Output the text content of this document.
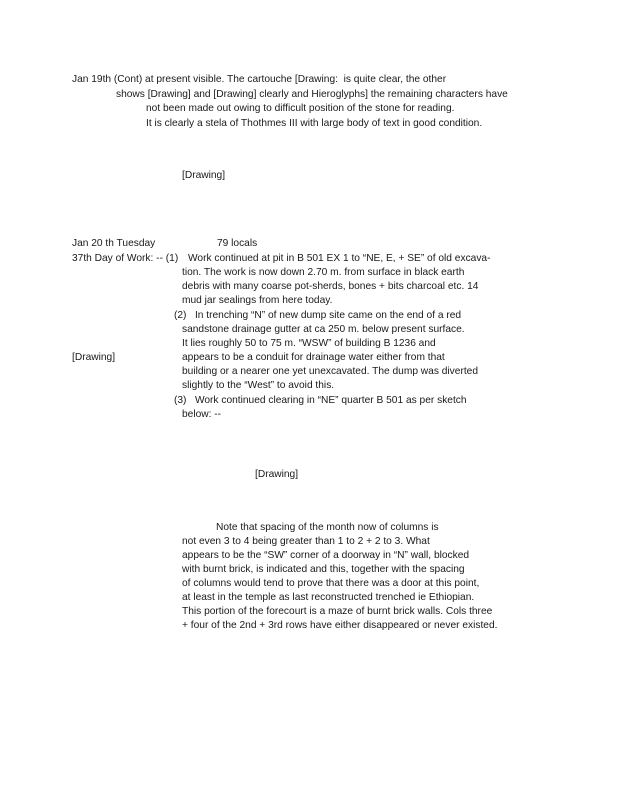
Jan 19th (Cont) at present visible. The cartouche [Drawing:  is quite clear, the other
shows [Drawing] and [Drawing] clearly and Hieroglyphs] the remaining characters have
not been made out owing to difficult position of the stone for reading.
It is clearly a stela of Thothmes III with large body of text in good condition.
[Drawing]
Jan 20 th Tuesday	79 locals
37th Day of Work: -- (1) Work continued at pit in B 501 EX 1 to “NE, E, + SE” of old excava-
tion. The work is now down 2.70 m. from surface in black earth
debris with many coarse pot-sherds, bones + bits charcoal etc. 14
mud jar sealings from here today.
(2)   In trenching “N” of new dump site came on the end of a red
sandstone drainage gutter at ca 250 m. below present surface.
It lies roughly 50 to 75 m. “WSW” of building B 1236 and
[Drawing]	appears to be a conduit for drainage water either from that
building or a nearer one yet unexcavated. The dump was diverted
slightly to the “West” to avoid this.
(3)   Work continued clearing in “NE” quarter B 501 as per sketch
below: --
[Drawing]
Note that spacing of the month now of columns is
not even 3 to 4 being greater than 1 to 2 + 2 to 3. What
appears to be the “SW” corner of a doorway in “N” wall, blocked
with burnt brick, is indicated and this, together with the spacing
of columns would tend to prove that there was a door at this point,
at least in the temple as last reconstructed trenched ie Ethiopian.
This portion of the forecourt is a maze of burnt brick walls. Cols three
+ four of the 2nd + 3rd rows have either disappeared or never existed.
